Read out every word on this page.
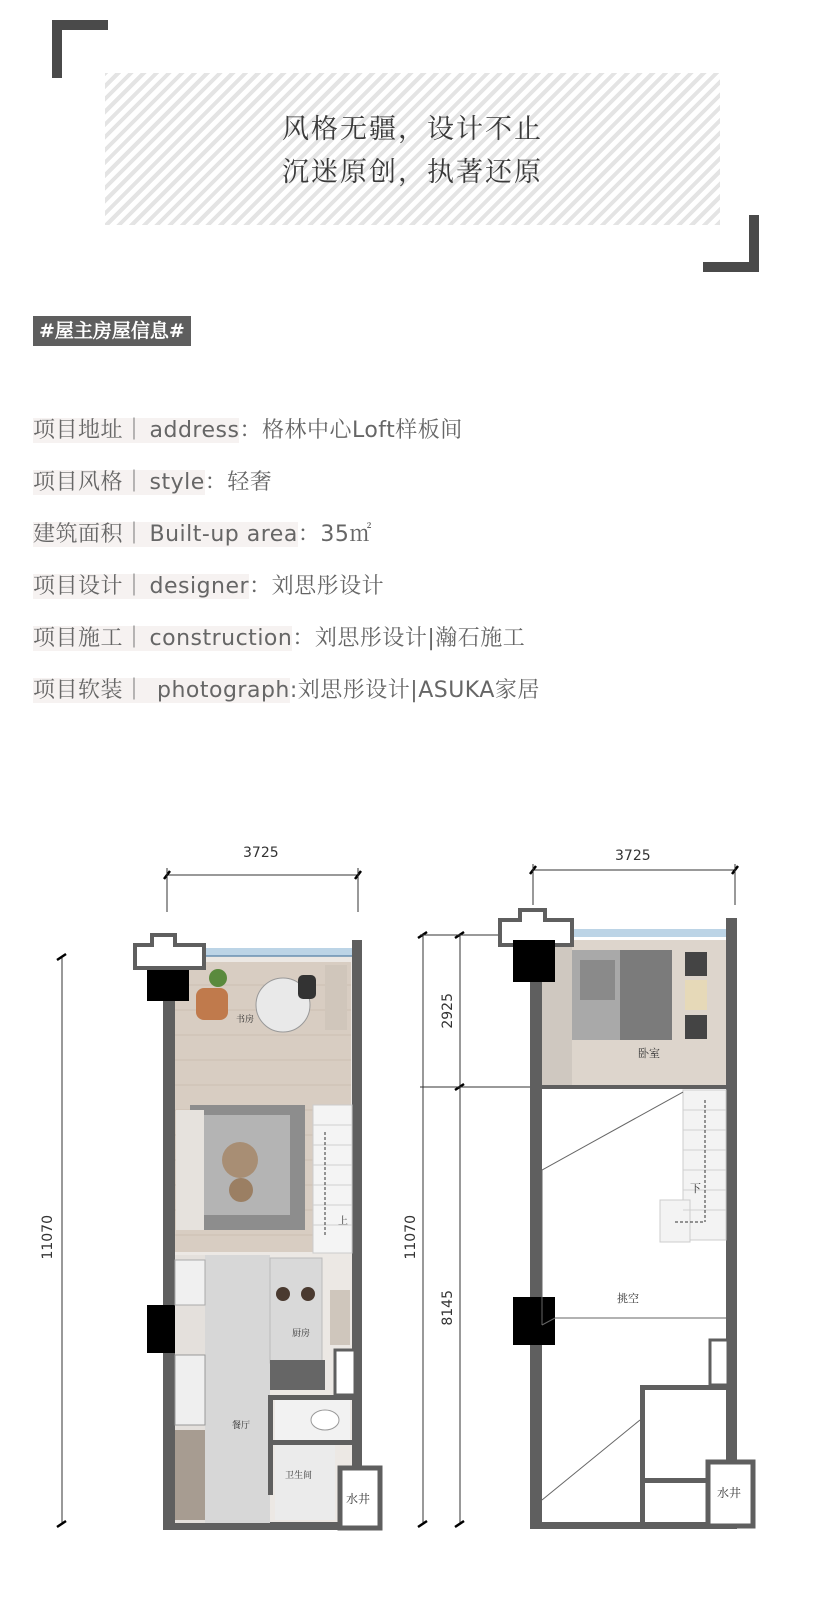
风格无疆，设计不止
沉迷原创，执著还原
#屋主房屋信息#
项目地址｜ address：格林中心Loft样板间
项目风格｜ style：轻奢
建筑面积｜ Built-up area：35㎡
项目设计｜ designer：刘思彤设计
项目施工｜ construction：刘思彤设计|瀚石施工
项目软装｜ photograph:刘思彤设计|ASUKA家居
3725
11070
书房
上
厨房
餐厅
卫生间
水井
3725
11070
2925
8145
卧室
下
挑空
水井
